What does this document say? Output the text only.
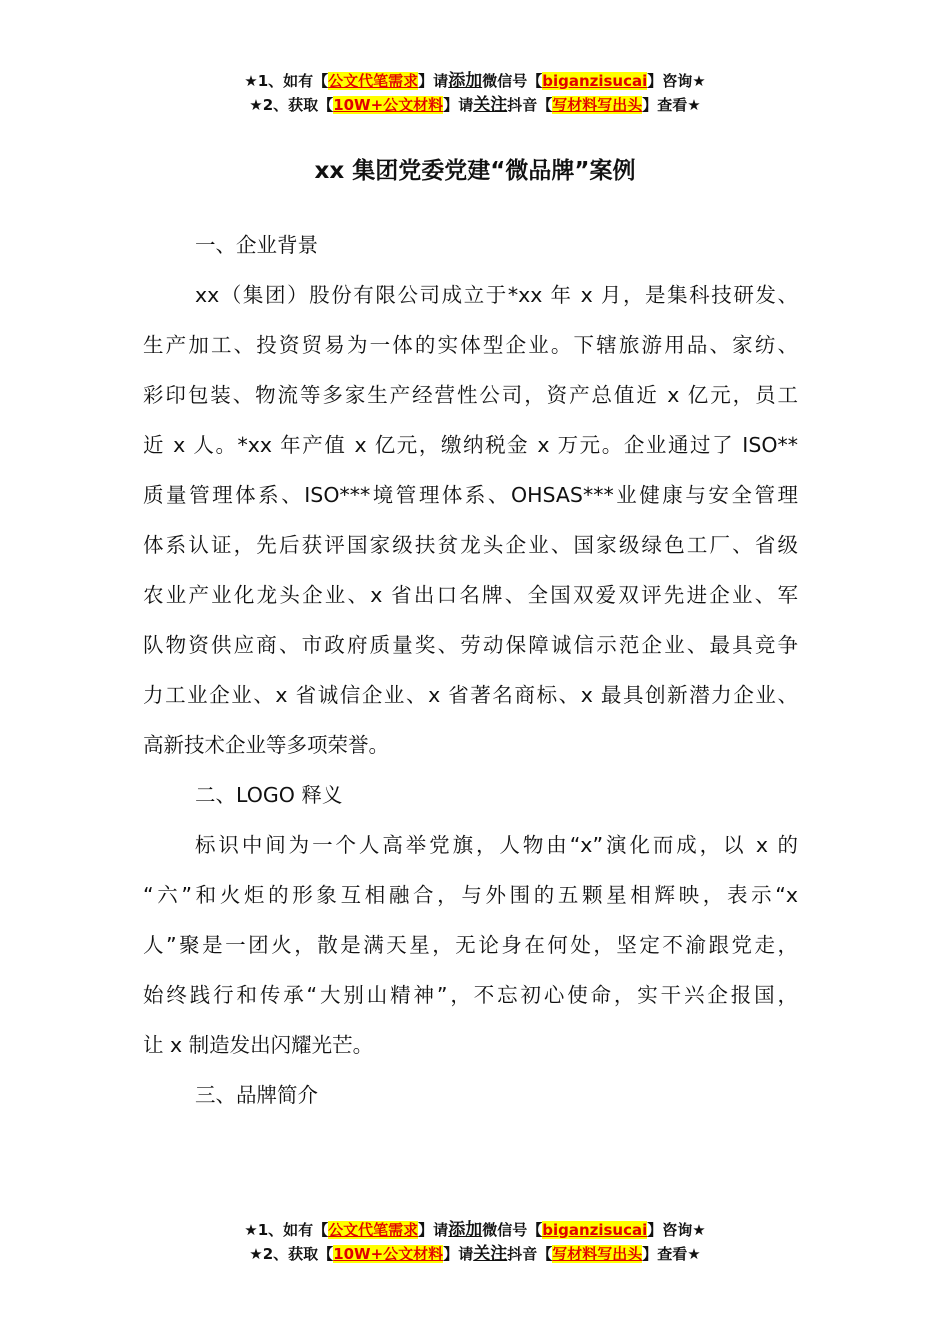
★1、如有【公文代笔需求】请添加微信号【biganzisucai】咨询★
★2、获取【10W+公文材料】请关注抖音【写材料写出头】查看★
xx 集团党委党建“微品牌”案例
一、企业背景
xx（集团）股份有限公司成立于*xx 年 x 月，是集科技研发、
生产加工、投资贸易为一体的实体型企业。下辖旅游用品、家纺、
彩印包装、物流等多家生产经营性公司，资产总值近 x 亿元，员工
近 x 人。*xx 年产值 x 亿元，缴纳税金 x 万元。企业通过了 ISO**
质量管理体系、ISO***境管理体系、OHSAS***业健康与安全管理
体系认证，先后获评国家级扶贫龙头企业、国家级绿色工厂、省级
农业产业化龙头企业、x 省出口名牌、全国双爱双评先进企业、军
队物资供应商、市政府质量奖、劳动保障诚信示范企业、最具竞争
力工业企业、x 省诚信企业、x 省著名商标、x 最具创新潜力企业、
高新技术企业等多项荣誉。
二、LOGO 释义
标识中间为一个人高举党旗，人物由“x”演化而成，以 x 的
“六”和火炬的形象互相融合，与外围的五颗星相辉映，表示“x
人”聚是一团火，散是满天星，无论身在何处，坚定不渝跟党走，
始终践行和传承“大别山精神”，不忘初心使命，实干兴企报国，
让 x 制造发出闪耀光芒。
三、品牌简介
★1、如有【公文代笔需求】请添加微信号【biganzisucai】咨询★
★2、获取【10W+公文材料】请关注抖音【写材料写出头】查看★
